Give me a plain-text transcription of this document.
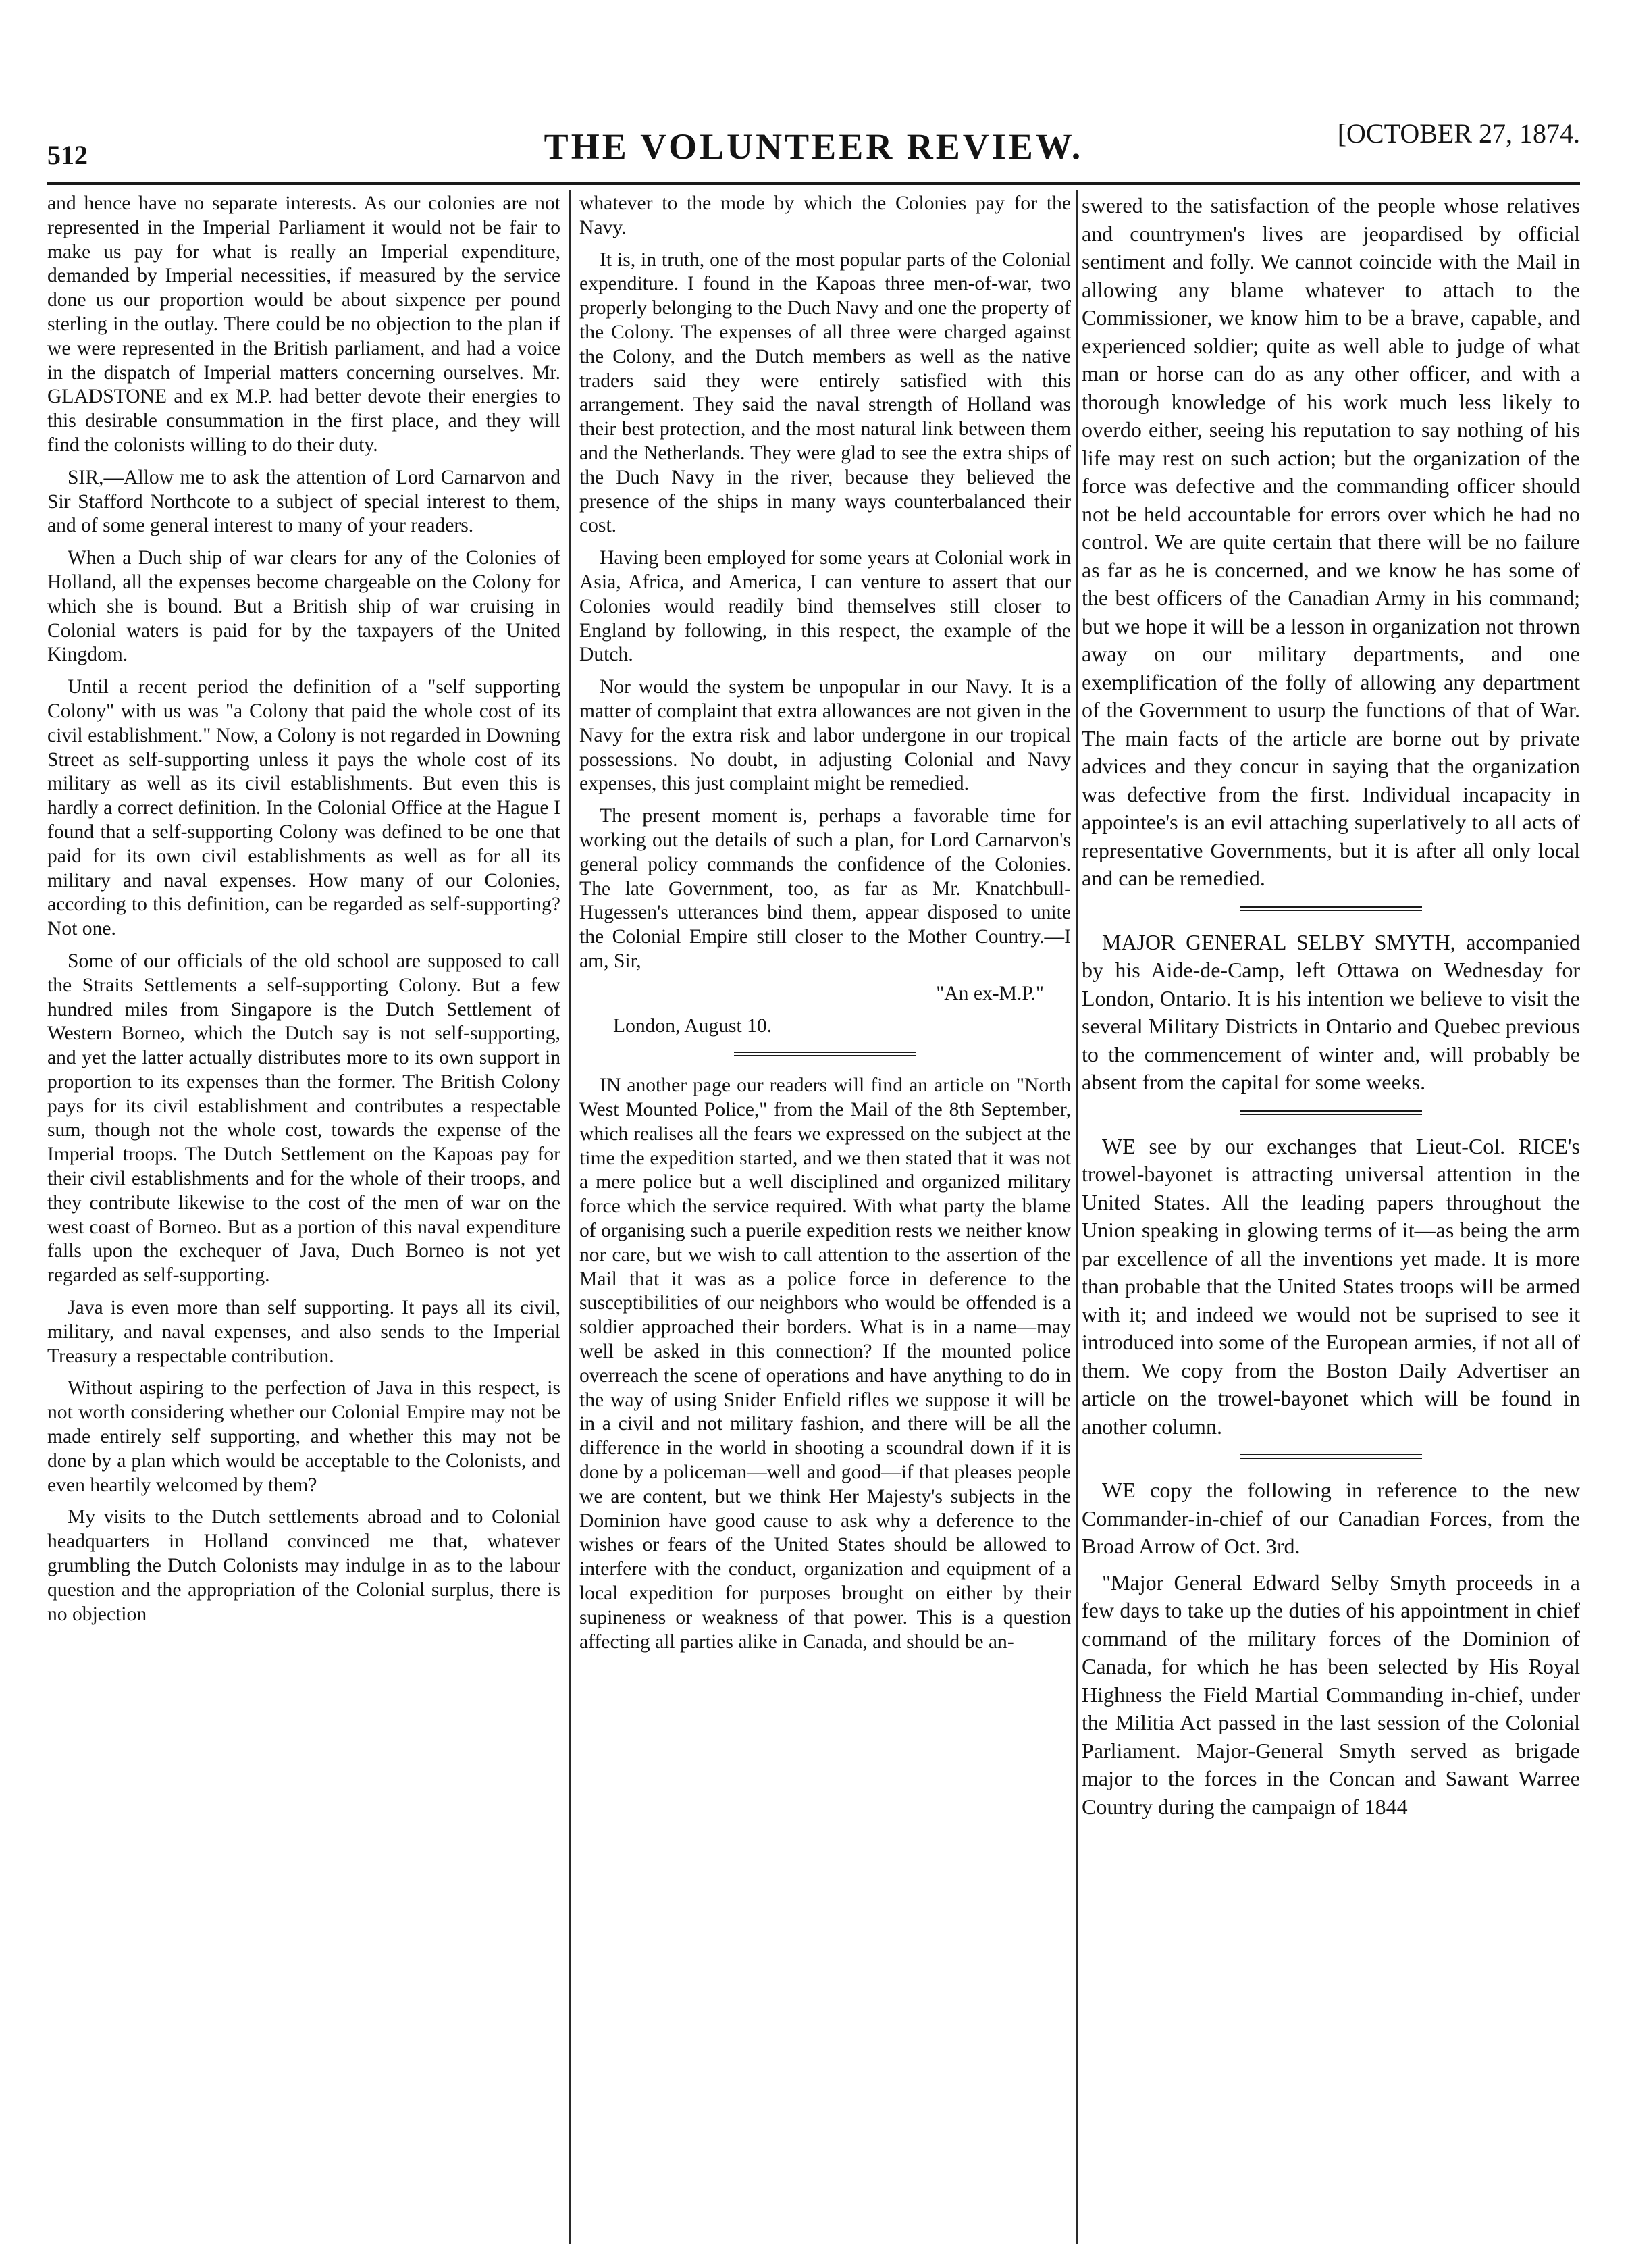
512	THE VOLUNTEER REVIEW.	[OCTOBER 27, 1874.

and hence have no separate interests. As our colonies are not represented in the Imperial Parliament it would not be fair to make us pay for what is really an Imperial expenditure, demanded by Imperial necessities, if measured by the service done us our proportion would be about sixpence per pound sterling in the outlay. There could be no objection to the plan if we were represented in the British parliament, and had a voice in the dispatch of Imperial matters concerning ourselves. Mr. GLADSTONE and ex M.P. had better devote their energies to this desirable consummation in the first place, and they will find the colonists willing to do their duty.

SIR,—Allow me to ask the attention of Lord Carnarvon and Sir Stafford Northcote to a subject of special interest to them, and of some general interest to many of your readers.

When a Duch ship of war clears for any of the Colonies of Holland, all the expenses become chargeable on the Colony for which she is bound. But a British ship of war cruising in Colonial waters is paid for by the taxpayers of the United Kingdom.

Until a recent period the definition of a "self supporting Colony" with us was "a Colony that paid the whole cost of its civil establishment." Now, a Colony is not regarded in Downing Street as self-supporting unless it pays the whole cost of its military as well as its civil establishments. But even this is hardly a correct definition. In the Colonial Office at the Hague I found that a self-supporting Colony was defined to be one that paid for its own civil establishments as well as for all its military and naval expenses. How many of our Colonies, according to this definition, can be regarded as self-supporting? Not one.

Some of our officials of the old school are supposed to call the Straits Settlements a self-supporting Colony. But a few hundred miles from Singapore is the Dutch Settlement of Western Borneo, which the Dutch say is not self-supporting, and yet the latter actually distributes more to its own support in proportion to its expenses than the former. The British Colony pays for its civil establishment and contributes a respectable sum, though not the whole cost, towards the expense of the Imperial troops. The Dutch Settlement on the Kapoas pay for their civil establishments and for the whole of their troops, and they contribute likewise to the cost of the men of war on the west coast of Borneo. But as a portion of this naval expenditure falls upon the exchequer of Java, Duch Borneo is not yet regarded as self-supporting.

Java is even more than self supporting. It pays all its civil, military, and naval expenses, and also sends to the Imperial Treasury a respectable contribution.

Without aspiring to the perfection of Java in this respect, is not worth considering whether our Colonial Empire may not be made entirely self supporting, and whether this may not be done by a plan which would be acceptable to the Colonists, and even heartily welcomed by them?

My visits to the Dutch settlements abroad and to Colonial headquarters in Holland convinced me that, whatever grumbling the Dutch Colonists may indulge in as to the labour question and the appropriation of the Colonial surplus, there is no objection

whatever to the mode by which the Colonies pay for the Navy.

It is, in truth, one of the most popular parts of the Colonial expenditure. I found in the Kapoas three men-of-war, two properly belonging to the Duch Navy and one the property of the Colony. The expenses of all three were charged against the Colony, and the Dutch members as well as the native traders said they were entirely satisfied with this arrangement. They said the naval strength of Holland was their best protection, and the most natural link between them and the Netherlands. They were glad to see the extra ships of the Duch Navy in the river, because they believed the presence of the ships in many ways counterbalanced their cost.

Having been employed for some years at Colonial work in Asia, Africa, and America, I can venture to assert that our Colonies would readily bind themselves still closer to England by following, in this respect, the example of the Dutch.

Nor would the system be unpopular in our Navy. It is a matter of complaint that extra allowances are not given in the Navy for the extra risk and labor undergone in our tropical possessions. No doubt, in adjusting Colonial and Navy expenses, this just complaint might be remedied.

The present moment is, perhaps a favorable time for working out the details of such a plan, for Lord Carnarvon's general policy commands the confidence of the Colonies. The late Government, too, as far as Mr. Knatchbull-Hugessen's utterances bind them, appear disposed to unite the Colonial Empire still closer to the Mother Country.—I am, Sir,

"An ex-M.P."

London, August 10.

IN another page our readers will find an article on "North West Mounted Police," from the Mail of the 8th September, which realises all the fears we expressed on the subject at the time the expedition started, and we then stated that it was not a mere police but a well disciplined and organized military force which the service required. With what party the blame of organising such a puerile expedition rests we neither know nor care, but we wish to call attention to the assertion of the Mail that it was as a police force in deference to the susceptibilities of our neighbors who would be offended is a soldier approached their borders. What is in a name—may well be asked in this connection? If the mounted police overreach the scene of operations and have anything to do in the way of using Snider Enfield rifles we suppose it will be in a civil and not military fashion, and there will be all the difference in the world in shooting a scoundral down if it is done by a policeman—well and good—if that pleases people we are content, but we think Her Majesty's subjects in the Dominion have good cause to ask why a deference to the wishes or fears of the United States should be allowed to interfere with the conduct, organization and equipment of a local expedition for purposes brought on either by their supineness or weakness of that power. This is a question affecting all parties alike in Canada, and should be an-

swered to the satisfaction of the people whose relatives and countrymen's lives are jeopardised by official sentiment and folly. We cannot coincide with the Mail in allowing any blame whatever to attach to the Commissioner, we know him to be a brave, capable, and experienced soldier; quite as well able to judge of what man or horse can do as any other officer, and with a thorough knowledge of his work much less likely to overdo either, seeing his reputation to say nothing of his life may rest on such action; but the organization of the force was defective and the commanding officer should not be held accountable for errors over which he had no control. We are quite certain that there will be no failure as far as he is concerned, and we know he has some of the best officers of the Canadian Army in his command; but we hope it will be a lesson in organization not thrown away on our military departments, and one exemplification of the folly of allowing any department of the Government to usurp the functions of that of War. The main facts of the article are borne out by private advices and they concur in saying that the organization was defective from the first. Individual incapacity in appointee's is an evil attaching superlatively to all acts of representative Governments, but it is after all only local and can be remedied.

MAJOR GENERAL SELBY SMYTH, accompanied by his Aide-de-Camp, left Ottawa on Wednesday for London, Ontario. It is his intention we believe to visit the several Military Districts in Ontario and Quebec previous to the commencement of winter and, will probably be absent from the capital for some weeks.

WE see by our exchanges that Lieut-Col. RICE's trowel-bayonet is attracting universal attention in the United States. All the leading papers throughout the Union speaking in glowing terms of it—as being the arm par excellence of all the inventions yet made. It is more than probable that the United States troops will be armed with it; and indeed we would not be suprised to see it introduced into some of the European armies, if not all of them. We copy from the Boston Daily Advertiser an article on the trowel-bayonet which will be found in another column.

WE copy the following in reference to the new Commander-in-chief of our Canadian Forces, from the Broad Arrow of Oct. 3rd.

"Major General Edward Selby Smyth proceeds in a few days to take up the duties of his appointment in chief command of the military forces of the Dominion of Canada, for which he has been selected by His Royal Highness the Field Martial Commanding in-chief, under the Militia Act passed in the last session of the Colonial Parliament. Major-General Smyth served as brigade major to the forces in the Concan and Sawant Warree Country during the campaign of 1844
